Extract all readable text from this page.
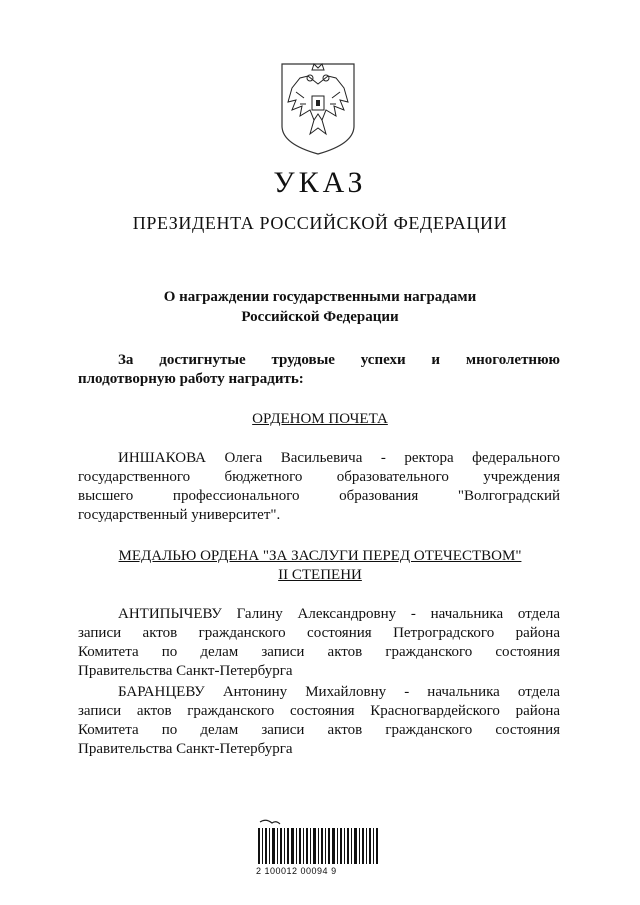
УКАЗ
ПРЕЗИДЕНТА РОССИЙСКОЙ ФЕДЕРАЦИИ
О награждении государственными наградами
Российской Федерации
За достигнутые трудовые успехи и многолетнюю
плодотворную работу наградить:
ОРДЕНОМ ПОЧЕТА
ИНШАКОВА Олега Васильевича - ректора федерального
государственного бюджетного образовательного учреждения
высшего профессионального образования "Волгоградский
государственный университет".
МЕДАЛЬЮ ОРДЕНА "ЗА ЗАСЛУГИ ПЕРЕД ОТЕЧЕСТВОМ"
II СТЕПЕНИ
АНТИПЫЧЕВУ Галину Александровну - начальника отдела
записи актов гражданского состояния Петроградского района
Комитета по делам записи актов гражданского состояния
Правительства Санкт-Петербурга
БАРАНЦЕВУ Антонину Михайловну - начальника отдела
записи актов гражданского состояния Красногвардейского района
Комитета по делам записи актов гражданского состояния
Правительства Санкт-Петербурга
2 100012 00094 9
